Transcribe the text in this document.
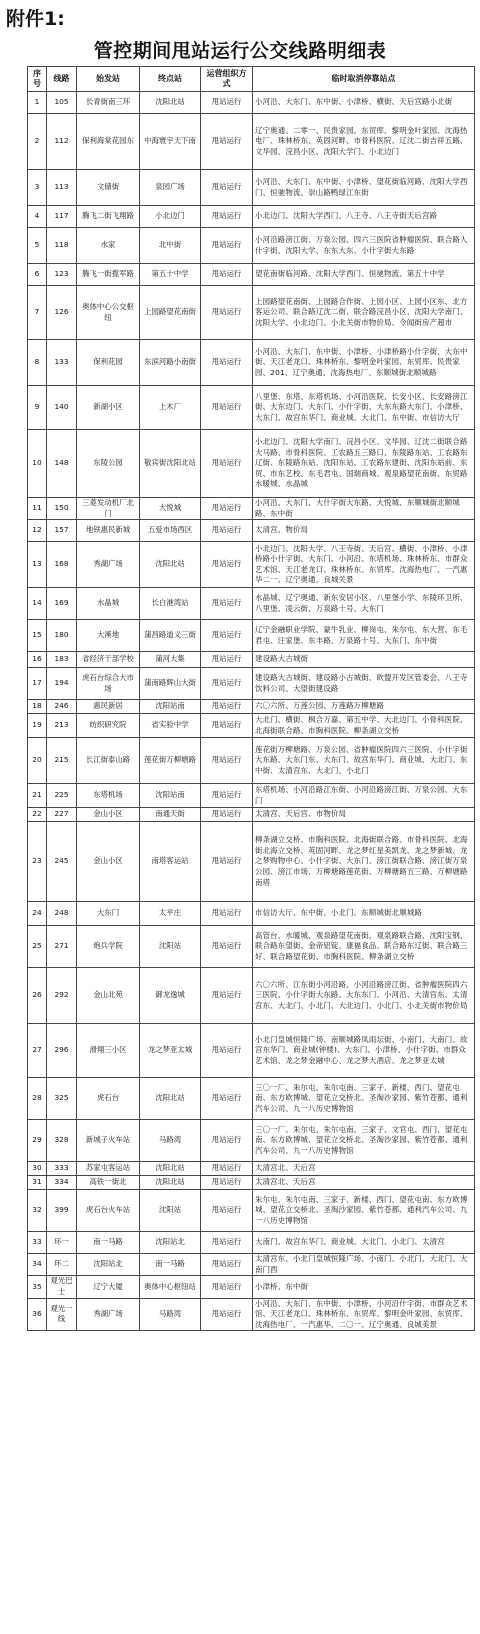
附件1:
管控期间甩站运行公交线路明细表
序号	线路	始发站	终点站	运营组织方式	临时取消停靠站点
1	105	长青街南三环	沈阳北站	甩站运行	小河沿、大东门、东中街、小津桥、横街、天后宫路小北街
2	112	保利海棠花园东	中海寰宇天下南	甩站运行	辽宁奥通、二零一、民贵家园、东贸库、黎明金叶家园、沈海热电厂、珠林桥东、英固河畔、市骨科医院、辽沈二街吉祥五路、文华园、浣昌小区、沈阳大学门、小北边门
3	113	文储街	泉园广场	甩站运行	小河沿、大东门、东中街、小津桥、望花街临河路、沈阳大学西门、恒驰物流、崇山路鸭绿江东街
4	117	腾飞二街飞翔路	小北边门	甩站运行	小北边门、沈阳大学西门、八王寺、八王寺街天后宫路
5	118	水家	北中街	甩站运行	小河沿路滂江街、万泉公园、四六三医院省肿瘤医院、联合路人什字街、沈阳大学、东东大东、小什字街大东路
6	123	腾飞一街揽军路	第五十中学	甩站运行	望花南街临河路、沈阳大学西门、恒驰物流、第五十中学
7	126	奥体中心公交枢纽	上园路望花南街	甩站运行	上园路望花南街、上园路合作街、上园小区、上园小区东、北方客运公司、联合路辽沈二街、联合路浣昌小区、沈阳大学南门、沈阳大学、小北边门、小北关街市物价局、令闻街房产超市
8	133	保利花园	东滨河路小南街	甩站运行	小河沿、大东门、东中街、小津桥、小津桥路小什字街、大东中街、天江老龙口、珠林桥东、黎明金叶家园、东贸库、民贵家园、201、辽宁奥通、沈海热电厂、东顺城街北顺城路
9	140	新湖小区	上木厂	甩站运行	八里堡、东塔、东塔机场、小河沿医院、长安小区、长安路滂江街、大东边门、大东门、小什字街、大东东路大东门、小津桥、大东门、故宫东华门、商业城、大北门、东中街、市信访大厅
10	148	东陵公园	敬宾街沈阳北站	甩站运行	小北边门、沈阳大学南门、浣昌小区、文华园、辽沈二街联合路大马路、市骨科医院、工农路五三路口、东陵路东站、工农路东辽街、东陵路东站、沈阳东站、工农路东建街、沈阳东站前、东贸、市东艺校、东毛君屯、国瑞商城、观泉路望花南街、东贸路水暖城、水晶城
11	150	三菱发动机厂北门	大悦城	甩站运行	小河沿、大东门、大什字街大东路、大悦城、东顺城街北顺城路、东中街
12	157	地铁惠民新城	五爱市场西区	甩站运行	太清宫、物价局
13	168	秀湖广场	沈阳北站	甩站运行	小北边门、沈阳大学、八王寺街、天后宫、横街、小津桥、小津桥路小什字街、大东门、小河沿、东塔机场、珠林桥东、市群众艺术馆、天江老龙口、珠林桥东、东贸库、沈海热电厂、一汽惠华二一、辽宁奥通、良城关景
14	169	水晶城	长白港湾站	甩站运行	水晶城、辽宁奥通、新东安居小区、八里堡小学、东陵环卫所、八里堡、凌云街、万泉路十号、大东门
15	180	大溪地	蒲昌路道义三街	甩站运行	辽宁金融职业学院、蒙牛乳业、柳岗屯、朱尔屯、东大营、东毛君屯、汪家堡、东丰路、万泉路十号、大东门、东中街
16	183	省经济干部学校	蒲河大集	甩站运行	建设路大古城街
17	194	虎石台综合大市场	蒲南路辉山大街	甩站运行	建设路大古城街、建设路小古城街、欧盟开发区管委会、八王寺饮料公司、大望街建设路
18	246	惠民新居	沈阳站南	甩站运行	六〇六所、万莲公园、万莲路万柳塘路
19	213	纺织研究院	省实验中学	甩站运行	大北门、横街、枫合万嘉、第五中学、大北边门、小骨科医院、北海街联合路、市胸科医院、柳条湖立交桥
20	215	长江街泰山路	莲花街万柳塘路	甩站运行	莲花街万柳塘路、万泉公园、省肿瘤医院四六三医院、小什字街大东路、大东门东、大东门、故宫东华门、商业城、大北门、东中街、太清宫东、大北门、小北门
21	225	东塔机场	沈阳站南	甩站运行	东塔机场、小河沿路江东街、小河沿路滂江街、万泉公园、大东门
22	227	金山小区	南通天街	甩站运行	太清宫、天后宫、市物价局
23	245	金山小区	南塔客运站	甩站运行	柳条湖立交桥、市胸科医院、北海街联合路、市骨科医院、北海街北海立交桥、英固河畔、龙之梦红星美凯龙、龙之梦新城、龙之梦购物中心、小什字街、大东门、滂江街联合路、滂江街万泉公园、滂江市场、万柳塘路莲花街、万柳塘路五三路、万柳塘路南塔
24	248	大东门	太平庄	甩站运行	市信访大厅、东中街、小北门、东顺城街北顺城路
25	271	炮兵学院	沈阳站	甩站运行	高管台、水暖城、观泉路望花南街、观泉路联合路、沈阳宝钢、联合路东望街、金帝铝锭、康福食品、联合路东辽街、联合路三好、联合路望花街、市胸科医院、柳条湖立交桥
26	292	金山北苑	御龙逸城	甩站运行	六〇六所、江东街小河沿路、小河沿路滂江街、省肿瘤医院四六三医院、小什字街大东路、大东东门、小河沿、大清宫东、太清宫东、大北门、小北门、大北边门、小北门、小北关街市物价局
27	296	滑翔三小区	龙之梦亚太城	甩站运行	小北门皇城恒隆广场、南顺城路凤雨坛街、小南门、大南门、故宫东华门、商业城(钟楼)、大东门、小津桥、小什字街、市群众艺术馆、龙之梦金融中心、龙之梦大酒店、龙之梦亚太城
28	325	虎石台	沈阳北站	甩站运行	三〇一厂、朱尔屯、朱尔屯南、三家子、新楼、西门、望花屯南、东方欧博城、望花立交桥北、圣淘沙家园、紫竹苍都、通利汽车公司、九一八历史博物馆
29	328	新城子火车站	马路湾	甩站运行	三〇一厂、朱尔屯、朱尔屯南、三家子、文官屯、西门、望花屯南、东方欧博城、望花立交桥北、圣淘沙家园、紫竹苍都、通利汽车公司、九一八历史博物馆
30	333	苏家屯客运站	沈阳北站	甩站运行	太清宫北、天后宫
31	334	高铁一街北	沈阳北站	甩站运行	太清宫北、天后宫
32	399	虎石台火车站	沈阳站	甩站运行	朱尔屯、朱尔屯南、三家子、新楼、西门、望花屯南、东方欧博城、望花立交桥北、圣淘沙家园、紫竹苍都、通利汽车公司、九一八历史博物馆
33	环一	南一马路	沈阳站北	甩站运行	大南门、故宫东华门、商业城、大北门、小北门、太清宫
34	环二	沈阳站北	南一马路	甩站运行	太清宫东、小北门皇城恒隆广场、小南门、小北门、大北门、大南门西
35	观光巴士	辽宁大厦	奥体中心枢纽站	甩站运行	小津桥、东中街
36	观光一线	秀湖广场	马路湾	甩站运行	小河沿、大东门、东中街、小津桥、小河沿什字街、市群众艺术馆、天江老龙口、珠林桥东、东贸库、黎明金叶家园、东贸库、沈海热电厂、一汽惠华、二〇一、辽宁奥通、良城美景
